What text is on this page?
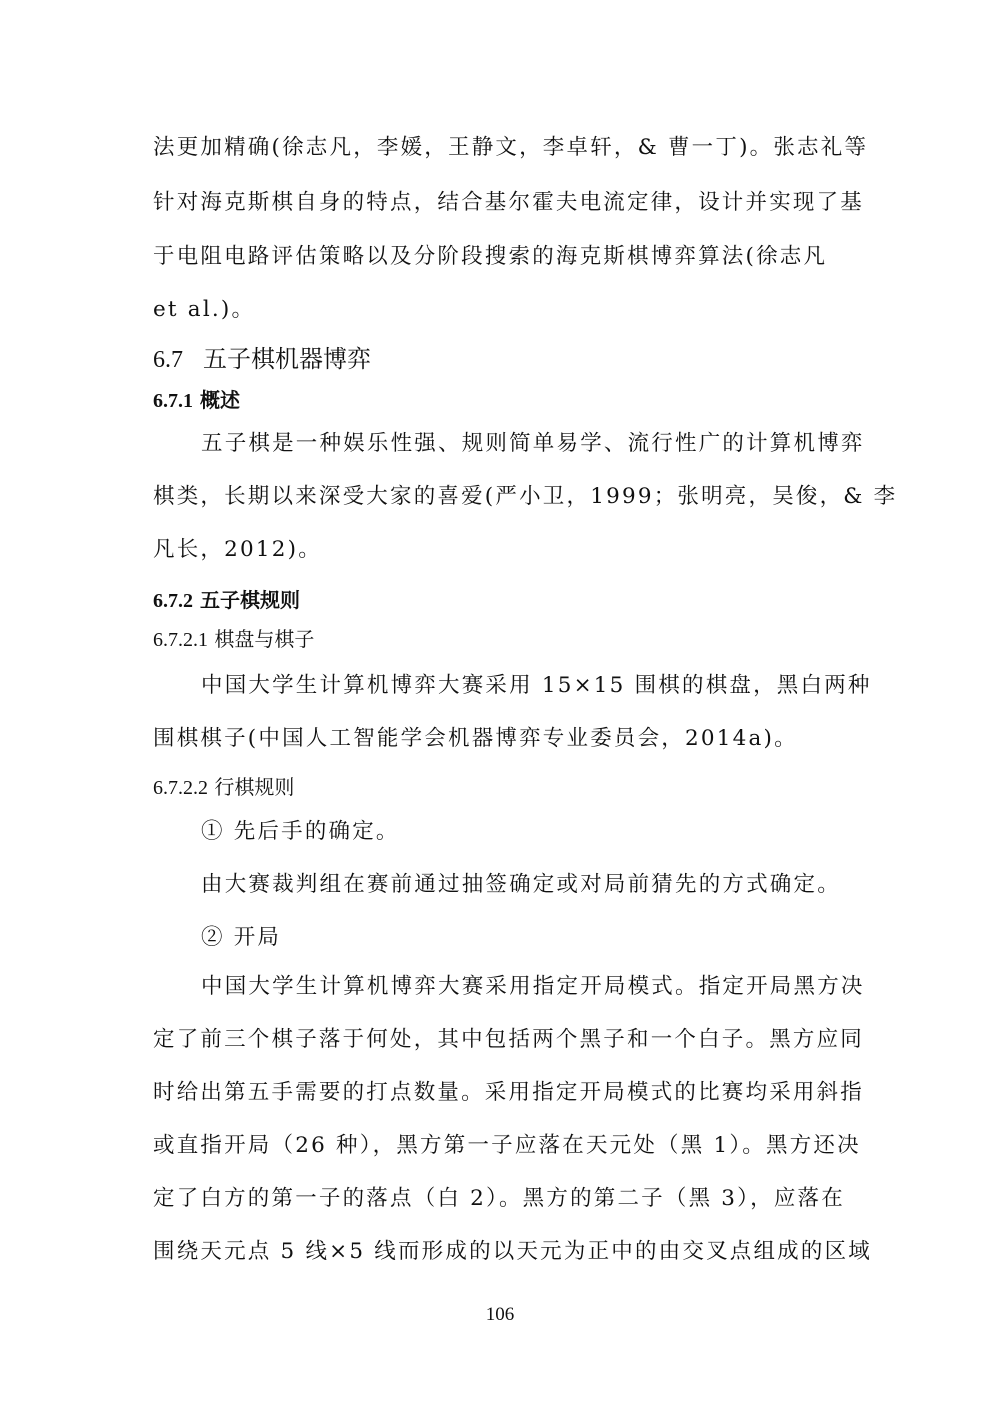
法更加精确(徐志凡，李媛，王静文，李卓轩，& 曹一丁)。张志礼等
针对海克斯棋自身的特点，结合基尔霍夫电流定律，设计并实现了基
于电阻电路评估策略以及分阶段搜索的海克斯棋博弈算法(徐志凡
et al.)。
6.7 五子棋机器博弈
6.7.1 概述
五子棋是一种娱乐性强、规则简单易学、流行性广的计算机博弈
棋类，长期以来深受大家的喜爱(严小卫，1999；张明亮，吴俊，& 李
凡长，2012)。
6.7.2 五子棋规则
6.7.2.1 棋盘与棋子
中国大学生计算机博弈大赛采用 15×15 围棋的棋盘，黑白两种
围棋棋子(中国人工智能学会机器博弈专业委员会，2014a)。
6.7.2.2 行棋规则
① 先后手的确定。
由大赛裁判组在赛前通过抽签确定或对局前猜先的方式确定。
② 开局
中国大学生计算机博弈大赛采用指定开局模式。指定开局黑方决
定了前三个棋子落于何处，其中包括两个黑子和一个白子。黑方应同
时给出第五手需要的打点数量。采用指定开局模式的比赛均采用斜指
或直指开局（26 种），黑方第一子应落在天元处（黑 1）。黑方还决
定了白方的第一子的落点（白 2）。黑方的第二子（黑 3），应落在
围绕天元点 5 线×5 线而形成的以天元为正中的由交叉点组成的区域
106
